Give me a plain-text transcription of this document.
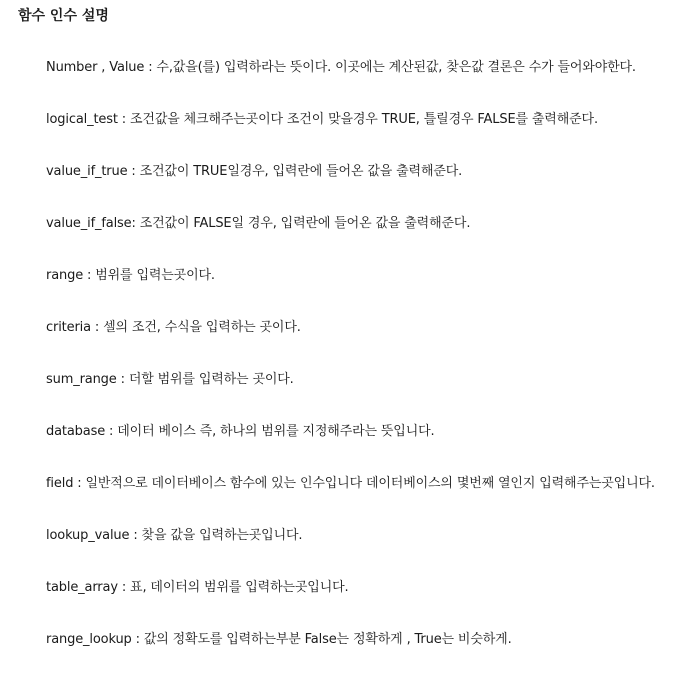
함수 인수 설명
Number , Value : 수,값을(를) 입력하라는 뜻이다. 이곳에는 계산된값, 찾은값 결론은 수가 들어와야한다.
logical_test : 조건값을 체크해주는곳이다 조건이 맞을경우 TRUE, 틀릴경우 FALSE를 출력해준다.
value_if_true : 조건값이 TRUE일경우, 입력란에 들어온 값을 출력해준다.
value_if_false: 조건값이 FALSE일 경우, 입력란에 들어온 값을 출력해준다.
range : 범위를 입력는곳이다.
criteria : 셀의 조건, 수식을 입력하는 곳이다.
sum_range : 더할 범위를 입력하는 곳이다.
database : 데이터 베이스 즉, 하나의 범위를 지정해주라는 뜻입니다.
field : 일반적으로 데이터베이스 함수에 있는 인수입니다 데이터베이스의 몇번째 열인지 입력해주는곳입니다.
lookup_value : 찾을 값을 입력하는곳입니다.
table_array : 표, 데이터의 범위를 입력하는곳입니다.
range_lookup : 값의 정확도를 입력하는부분 False는 정확하게 , True는 비슷하게.
